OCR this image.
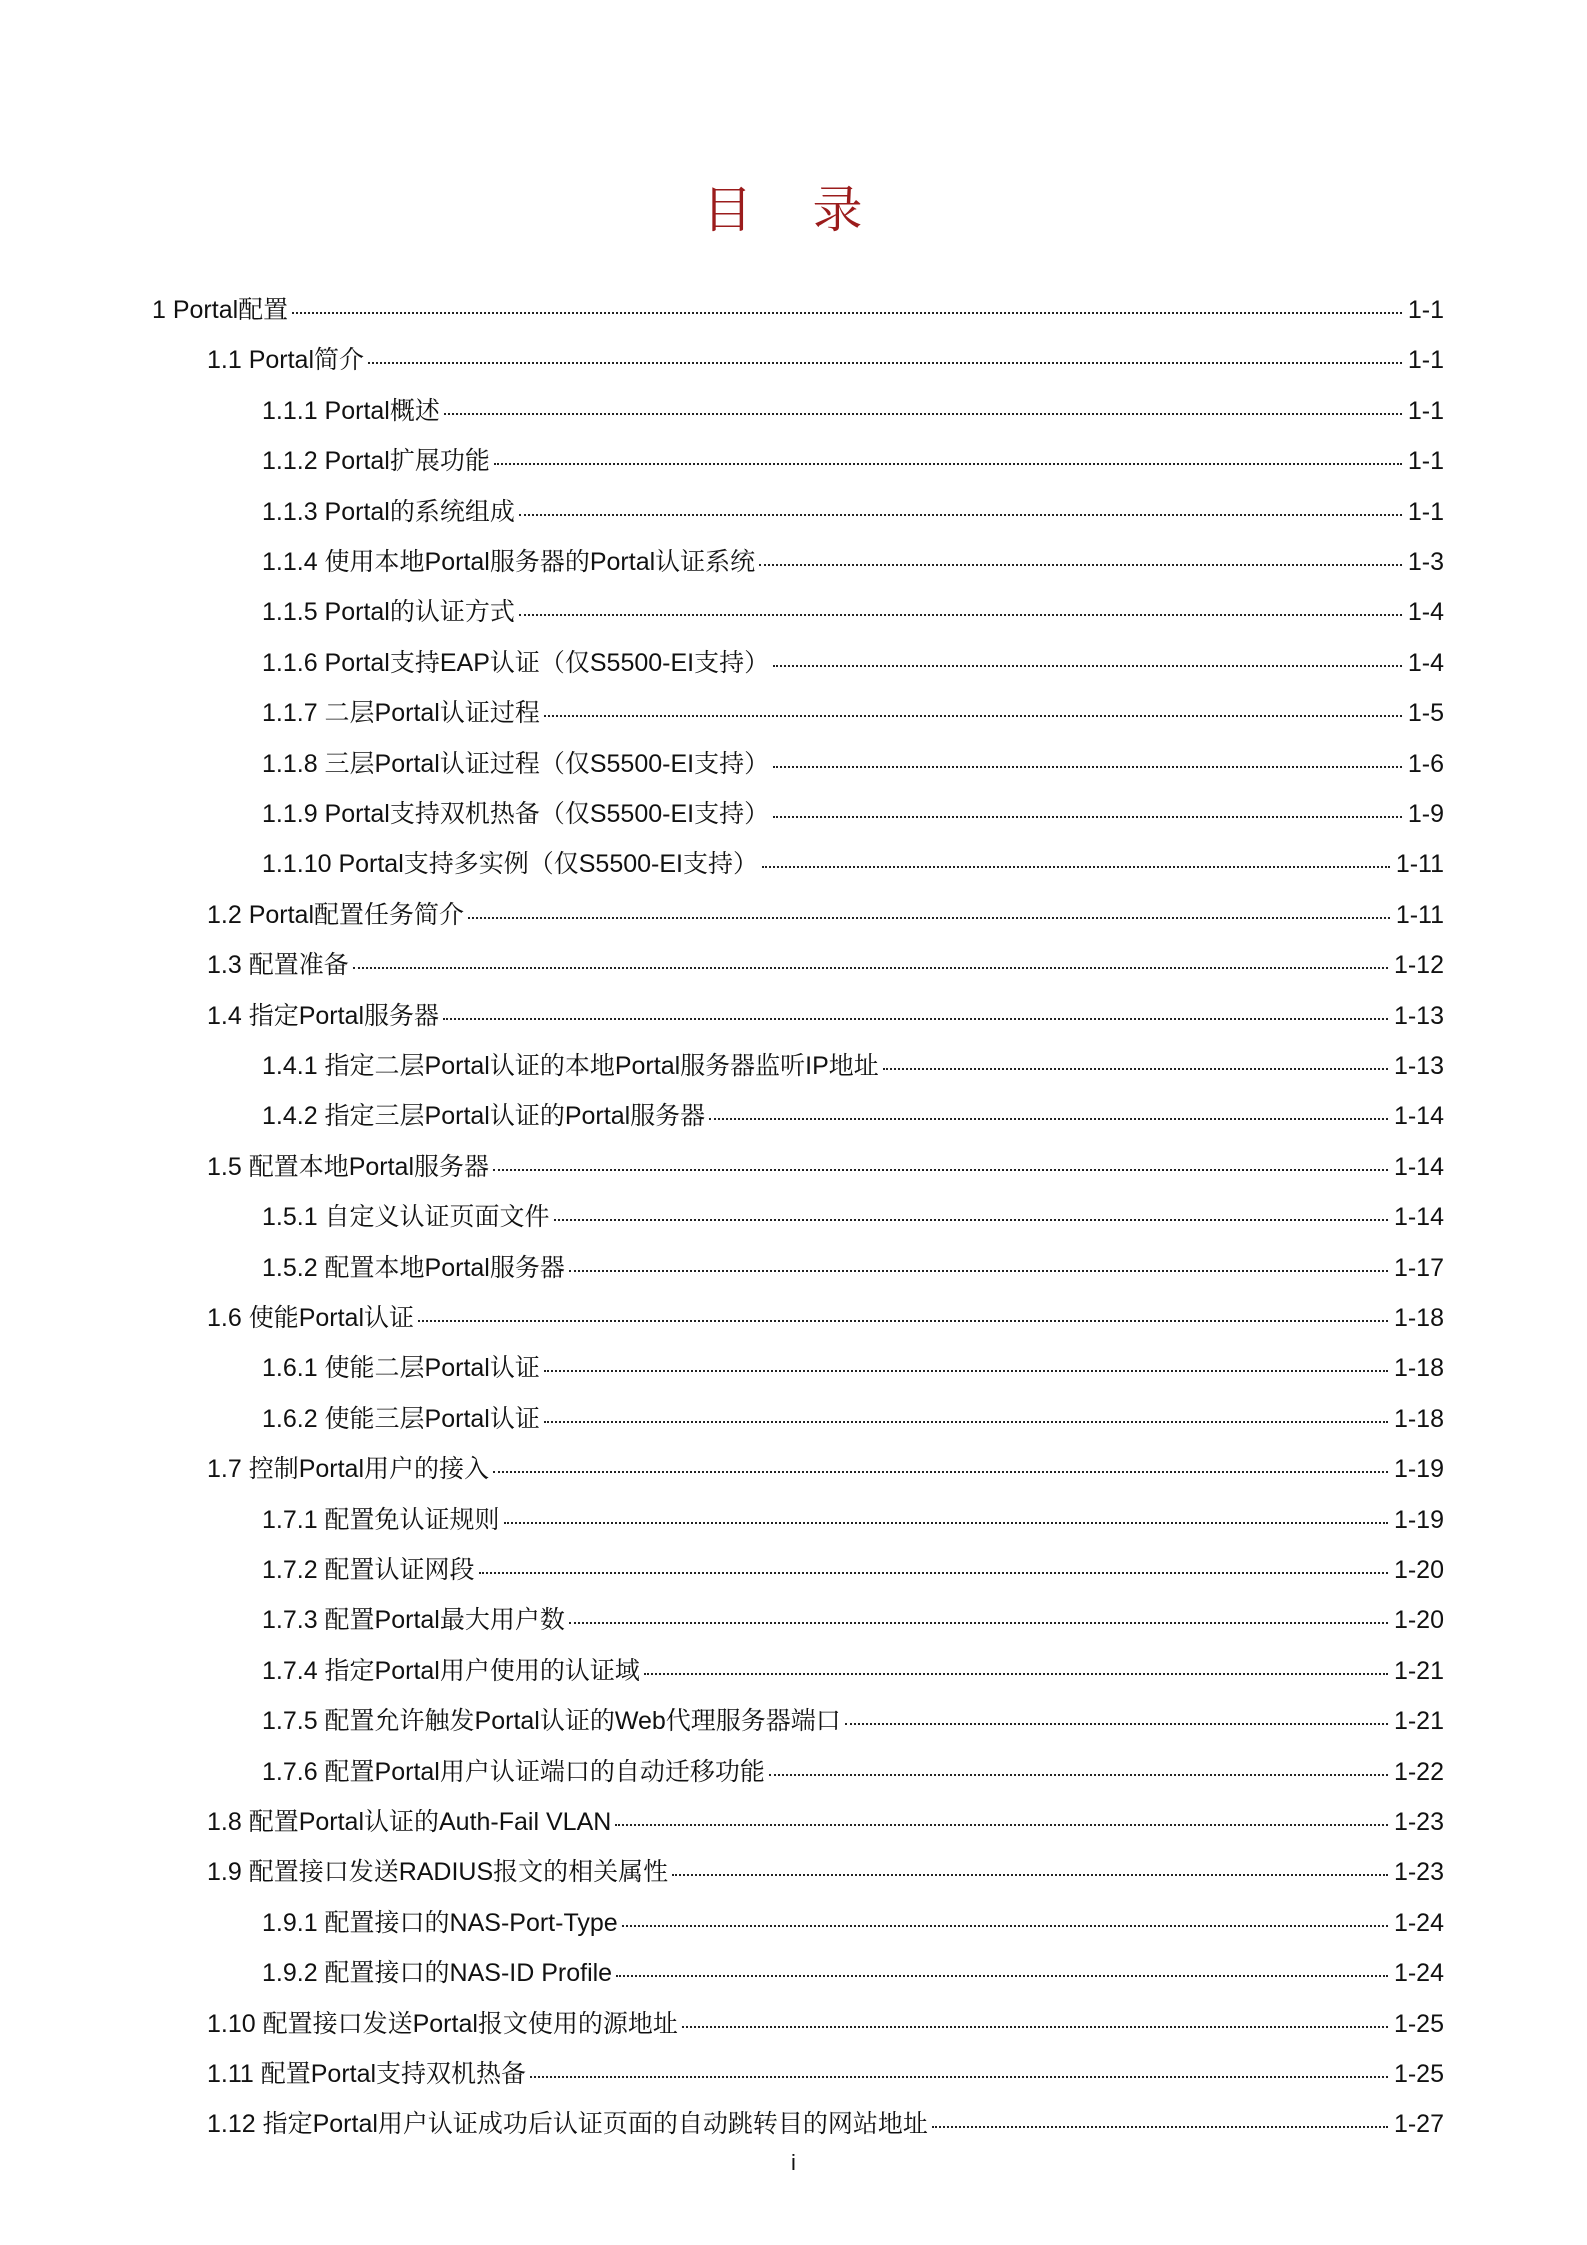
目 录
1 Portal配置	1-1
1.1 Portal简介	1-1
1.1.1 Portal概述	1-1
1.1.2 Portal扩展功能	1-1
1.1.3 Portal的系统组成	1-1
1.1.4 使用本地Portal服务器的Portal认证系统	1-3
1.1.5 Portal的认证方式	1-4
1.1.6 Portal支持EAP认证（仅S5500-EI支持）	1-4
1.1.7 二层Portal认证过程	1-5
1.1.8 三层Portal认证过程（仅S5500-EI支持）	1-6
1.1.9 Portal支持双机热备（仅S5500-EI支持）	1-9
1.1.10 Portal支持多实例（仅S5500-EI支持）	1-11
1.2 Portal配置任务简介	1-11
1.3 配置准备	1-12
1.4 指定Portal服务器	1-13
1.4.1 指定二层Portal认证的本地Portal服务器监听IP地址	1-13
1.4.2 指定三层Portal认证的Portal服务器	1-14
1.5 配置本地Portal服务器	1-14
1.5.1 自定义认证页面文件	1-14
1.5.2 配置本地Portal服务器	1-17
1.6 使能Portal认证	1-18
1.6.1 使能二层Portal认证	1-18
1.6.2 使能三层Portal认证	1-18
1.7 控制Portal用户的接入	1-19
1.7.1 配置免认证规则	1-19
1.7.2 配置认证网段	1-20
1.7.3 配置Portal最大用户数	1-20
1.7.4 指定Portal用户使用的认证域	1-21
1.7.5 配置允许触发Portal认证的Web代理服务器端口	1-21
1.7.6 配置Portal用户认证端口的自动迁移功能	1-22
1.8 配置Portal认证的Auth-Fail VLAN	1-23
1.9 配置接口发送RADIUS报文的相关属性	1-23
1.9.1 配置接口的NAS-Port-Type	1-24
1.9.2 配置接口的NAS-ID Profile	1-24
1.10 配置接口发送Portal报文使用的源地址	1-25
1.11 配置Portal支持双机热备	1-25
1.12 指定Portal用户认证成功后认证页面的自动跳转目的网站地址	1-27
i
